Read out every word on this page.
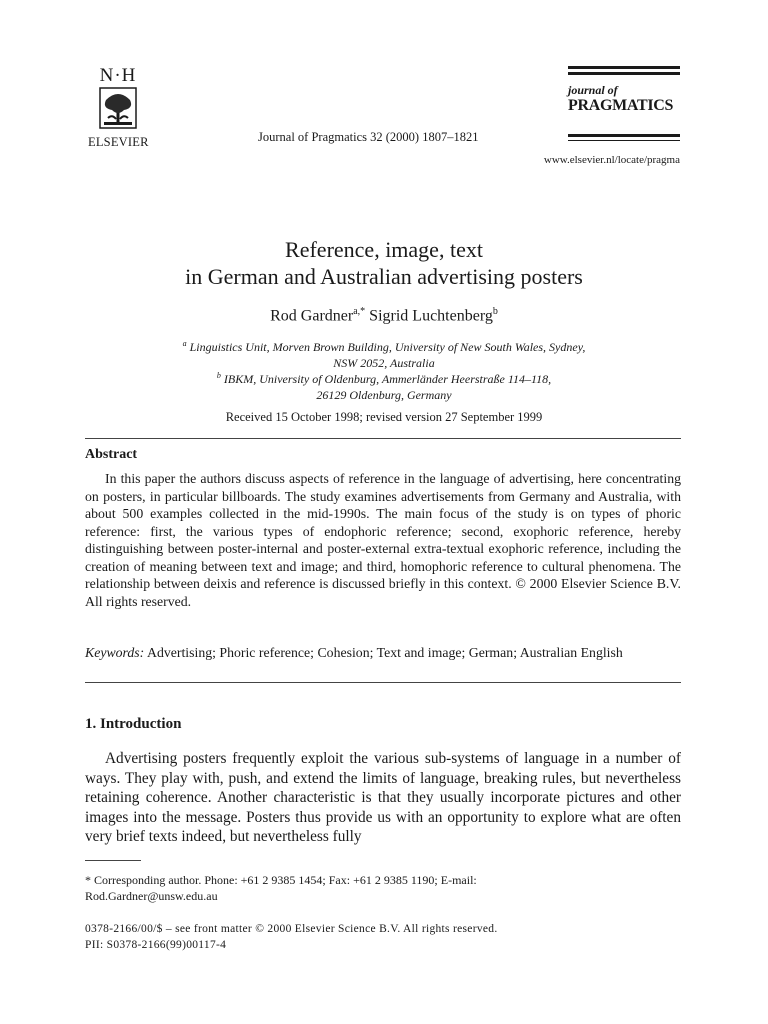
N·H
ELSEVIER	Journal of Pragmatics 32 (2000) 1807–1821
journal of
PRAGMATICS
www.elsevier.nl/locate/pragma
Reference, image, text
in German and Australian advertising posters
Rod Gardner$^{a,*}$ Sigrid Luchtenberg$^b$
$^a$ Linguistics Unit, Morven Brown Building, University of New South Wales, Sydney,
NSW 2052, Australia
$^b$ IBKM, University of Oldenburg, Ammerländer Heerstraße 114–118,
26129 Oldenburg, Germany
Received 15 October 1998; revised version 27 September 1999
Abstract
In this paper the authors discuss aspects of reference in the language of advertising, here concentrating on posters, in particular billboards. The study examines advertisements from Germany and Australia, with about 500 examples collected in the mid-1990s. The main focus of the study is on types of phoric reference: first, the various types of endophoric reference; second, exophoric reference, hereby distinguishing between poster-internal and poster-external extra-textual exophoric reference, including the creation of meaning between text and image; and third, homophoric reference to cultural phenomena. The relationship between deixis and reference is discussed briefly in this context. © 2000 Elsevier Science B.V. All rights reserved.
Keywords: Advertising; Phoric reference; Cohesion; Text and image; German; Australian English
1. Introduction
Advertising posters frequently exploit the various sub-systems of language in a number of ways. They play with, push, and extend the limits of language, breaking rules, but nevertheless retaining coherence. Another characteristic is that they usually incorporate pictures and other images into the message. Posters thus provide us with an opportunity to explore what are often very brief texts indeed, but nevertheless fully
* Corresponding author. Phone: +61 2 9385 1454; Fax: +61 2 9385 1190; E-mail:
Rod.Gardner@unsw.edu.au
0378-2166/00/$ – see front matter © 2000 Elsevier Science B.V. All rights reserved.
PII: S0378-2166(99)00117-4
